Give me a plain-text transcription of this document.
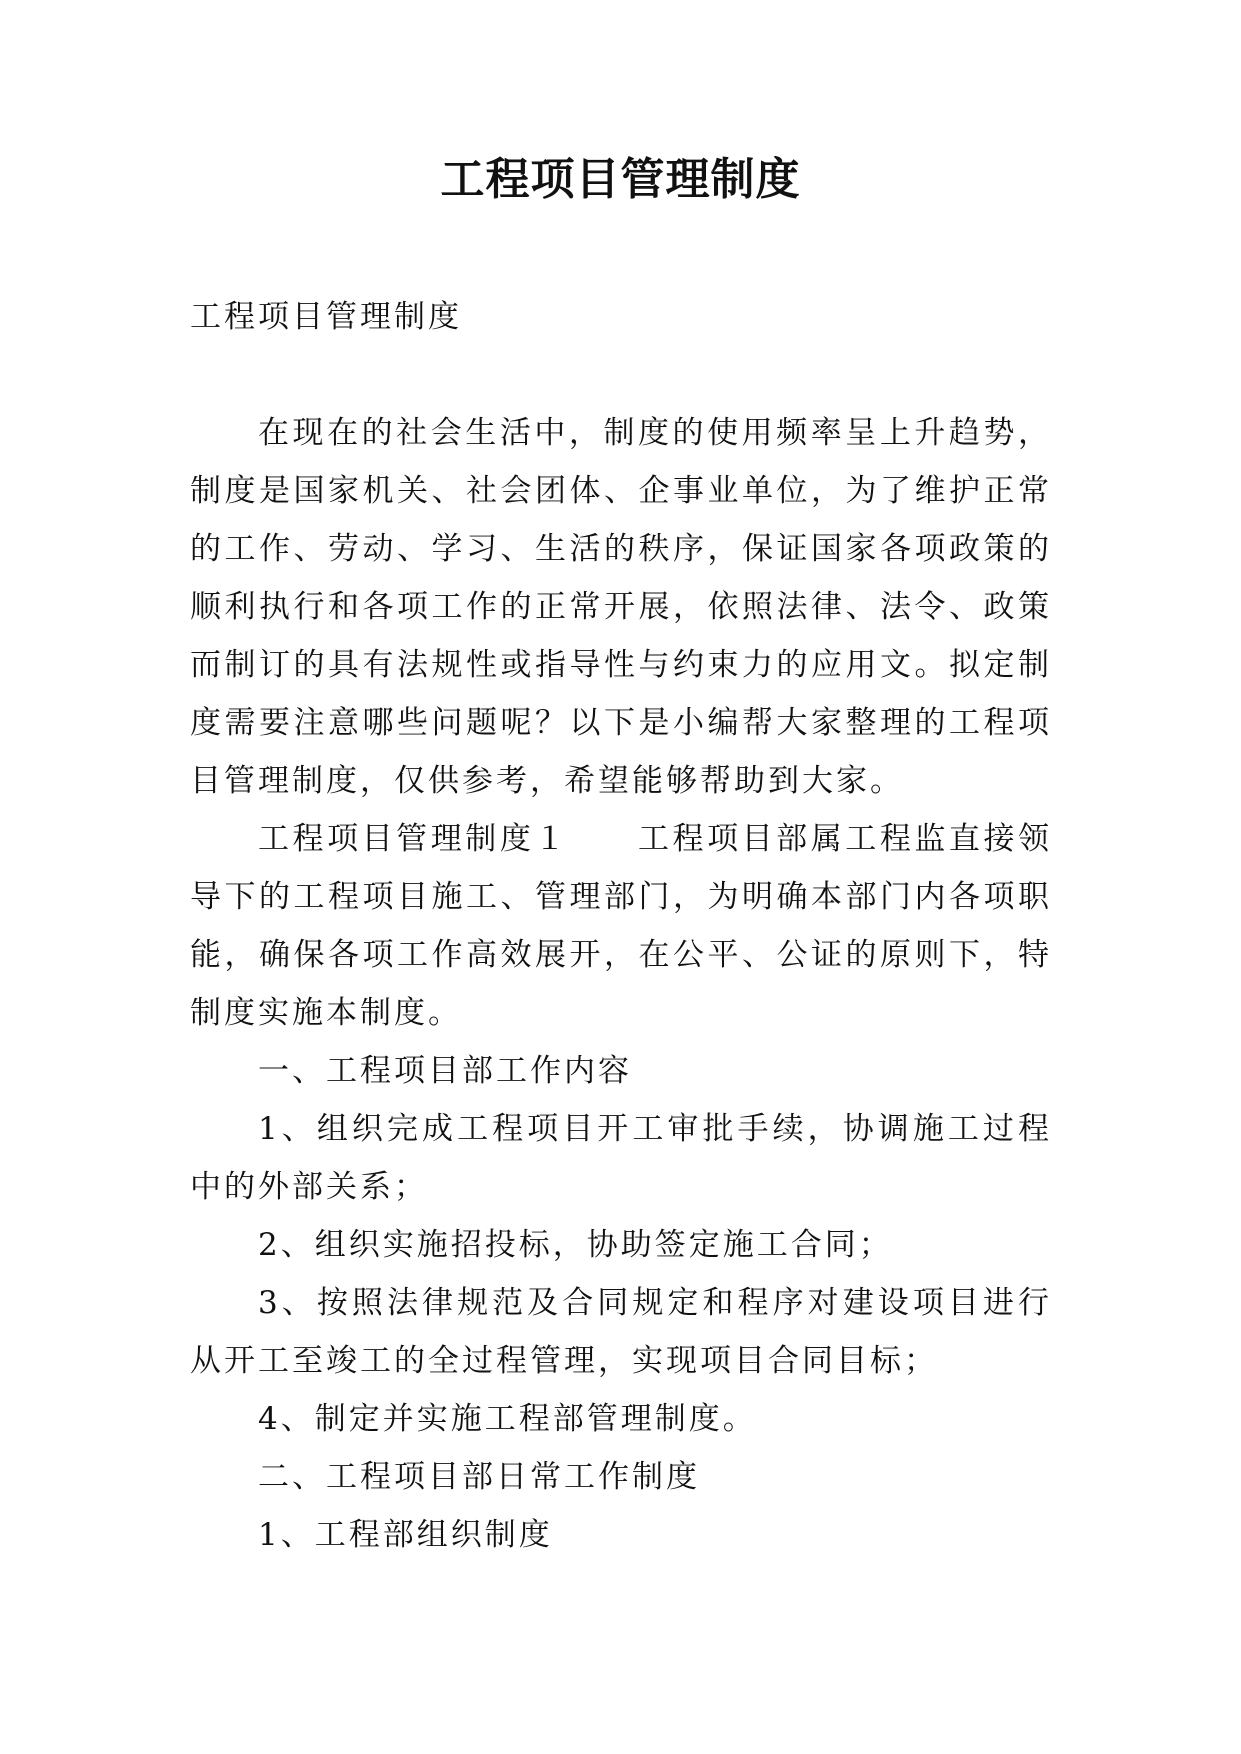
工程项目管理制度

工程项目管理制度

在现在的社会生活中，制度的使用频率呈上升趋势，制度是国家机关、社会团体、企事业单位，为了维护正常的工作、劳动、学习、生活的秩序，保证国家各项政策的顺利执行和各项工作的正常开展，依照法律、法令、政策而制订的具有法规性或指导性与约束力的应用文。拟定制度需要注意哪些问题呢？以下是小编帮大家整理的工程项目管理制度，仅供参考，希望能够帮助到大家。

工程项目管理制度１　　工程项目部属工程监直接领导下的工程项目施工、管理部门，为明确本部门内各项职能，确保各项工作高效展开，在公平、公证的原则下，特制度实施本制度。

一、工程项目部工作内容

1、组织完成工程项目开工审批手续，协调施工过程中的外部关系；

2、组织实施招投标，协助签定施工合同；

3、按照法律规范及合同规定和程序对建设项目进行从开工至竣工的全过程管理，实现项目合同目标；

4、制定并实施工程部管理制度。

二、工程项目部日常工作制度

1、工程部组织制度
